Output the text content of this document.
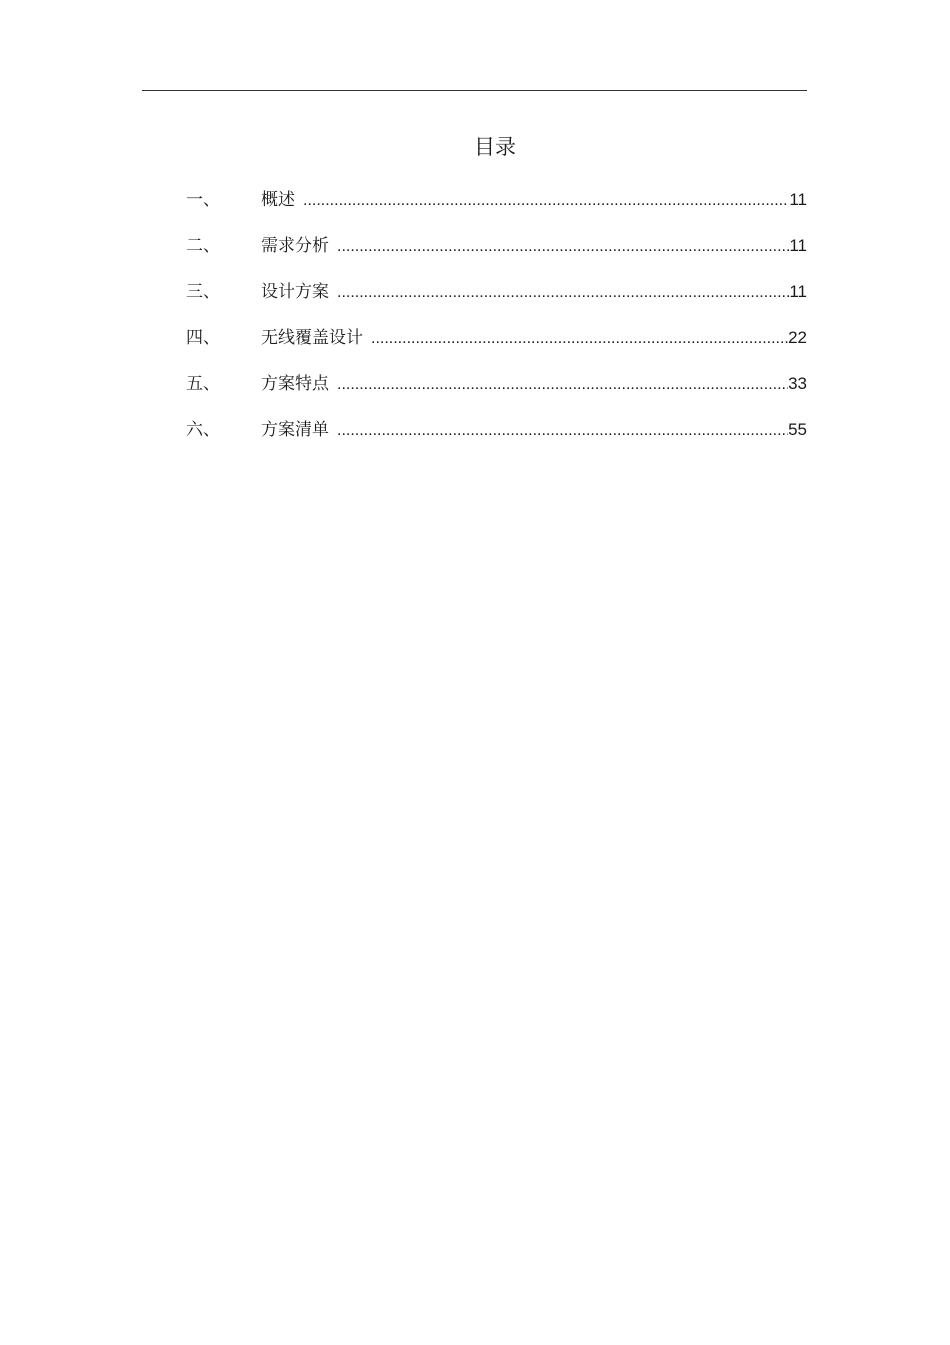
目录
一、	概述 .....	11
二、	需求分析 .....	11
三、	设计方案 .....	11
四、	无线覆盖设计 .....	22
五、	方案特点 .....	33
六、	方案清单 .....	55
